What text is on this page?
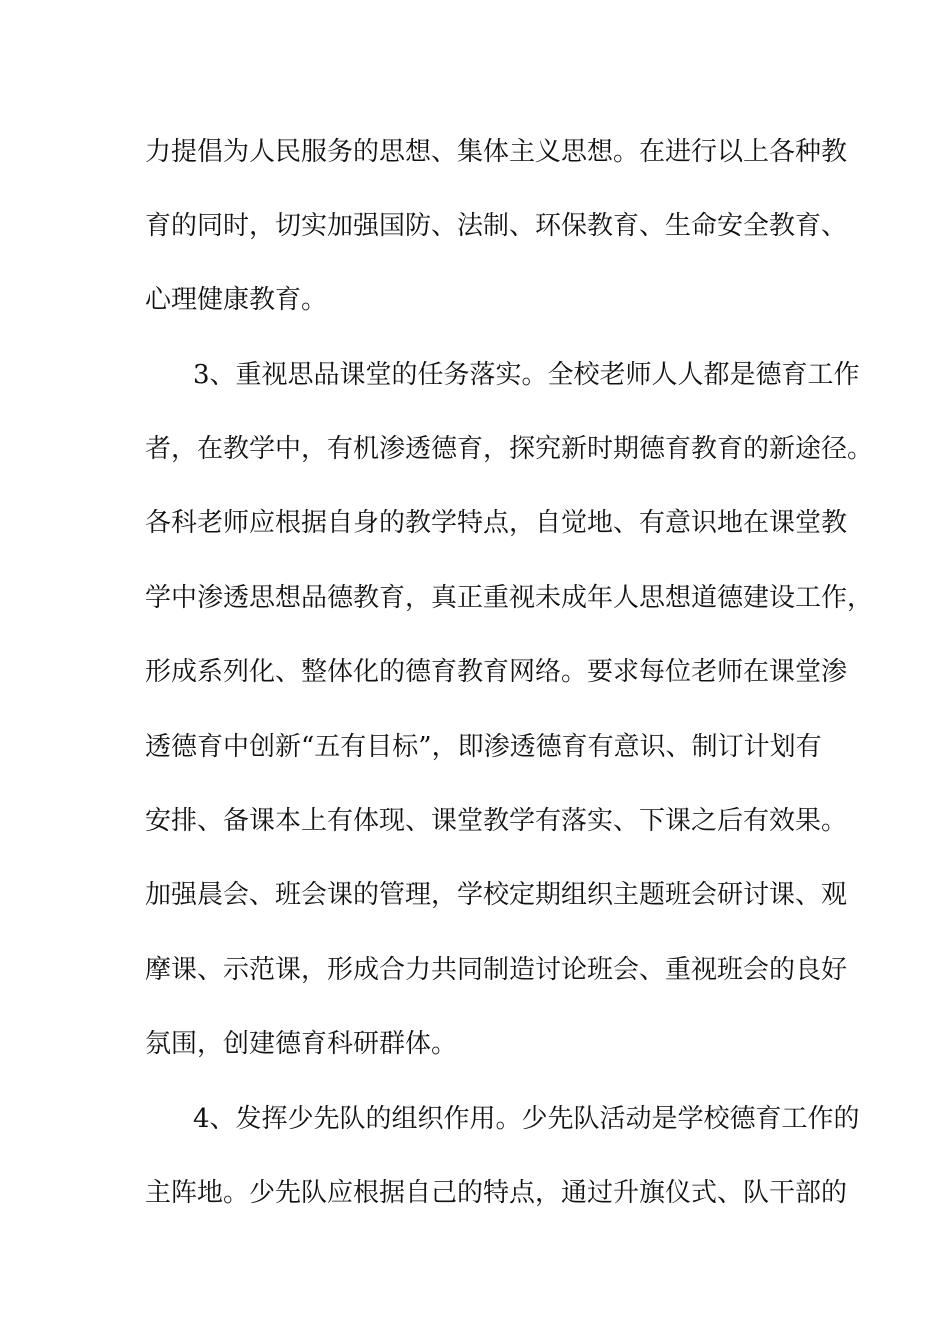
力提倡为人民服务的思想、集体主义思想。在进行以上各种教
育的同时，切实加强国防、法制、环保教育、生命安全教育、
心理健康教育。
3、重视思品课堂的任务落实。全校老师人人都是德育工作
者，在教学中，有机渗透德育，探究新时期德育教育的新途径。
各科老师应根据自身的教学特点，自觉地、有意识地在课堂教
学中渗透思想品德教育，真正重视未成年人思想道德建设工作，
形成系列化、整体化的德育教育网络。要求每位老师在课堂渗
透德育中创新“五有目标”，即渗透德育有意识、制订计划有
安排、备课本上有体现、课堂教学有落实、下课之后有效果。
加强晨会、班会课的管理，学校定期组织主题班会研讨课、观
摩课、示范课，形成合力共同制造讨论班会、重视班会的良好
氛围，创建德育科研群体。
4、发挥少先队的组织作用。少先队活动是学校德育工作的
主阵地。少先队应根据自己的特点，通过升旗仪式、队干部的
